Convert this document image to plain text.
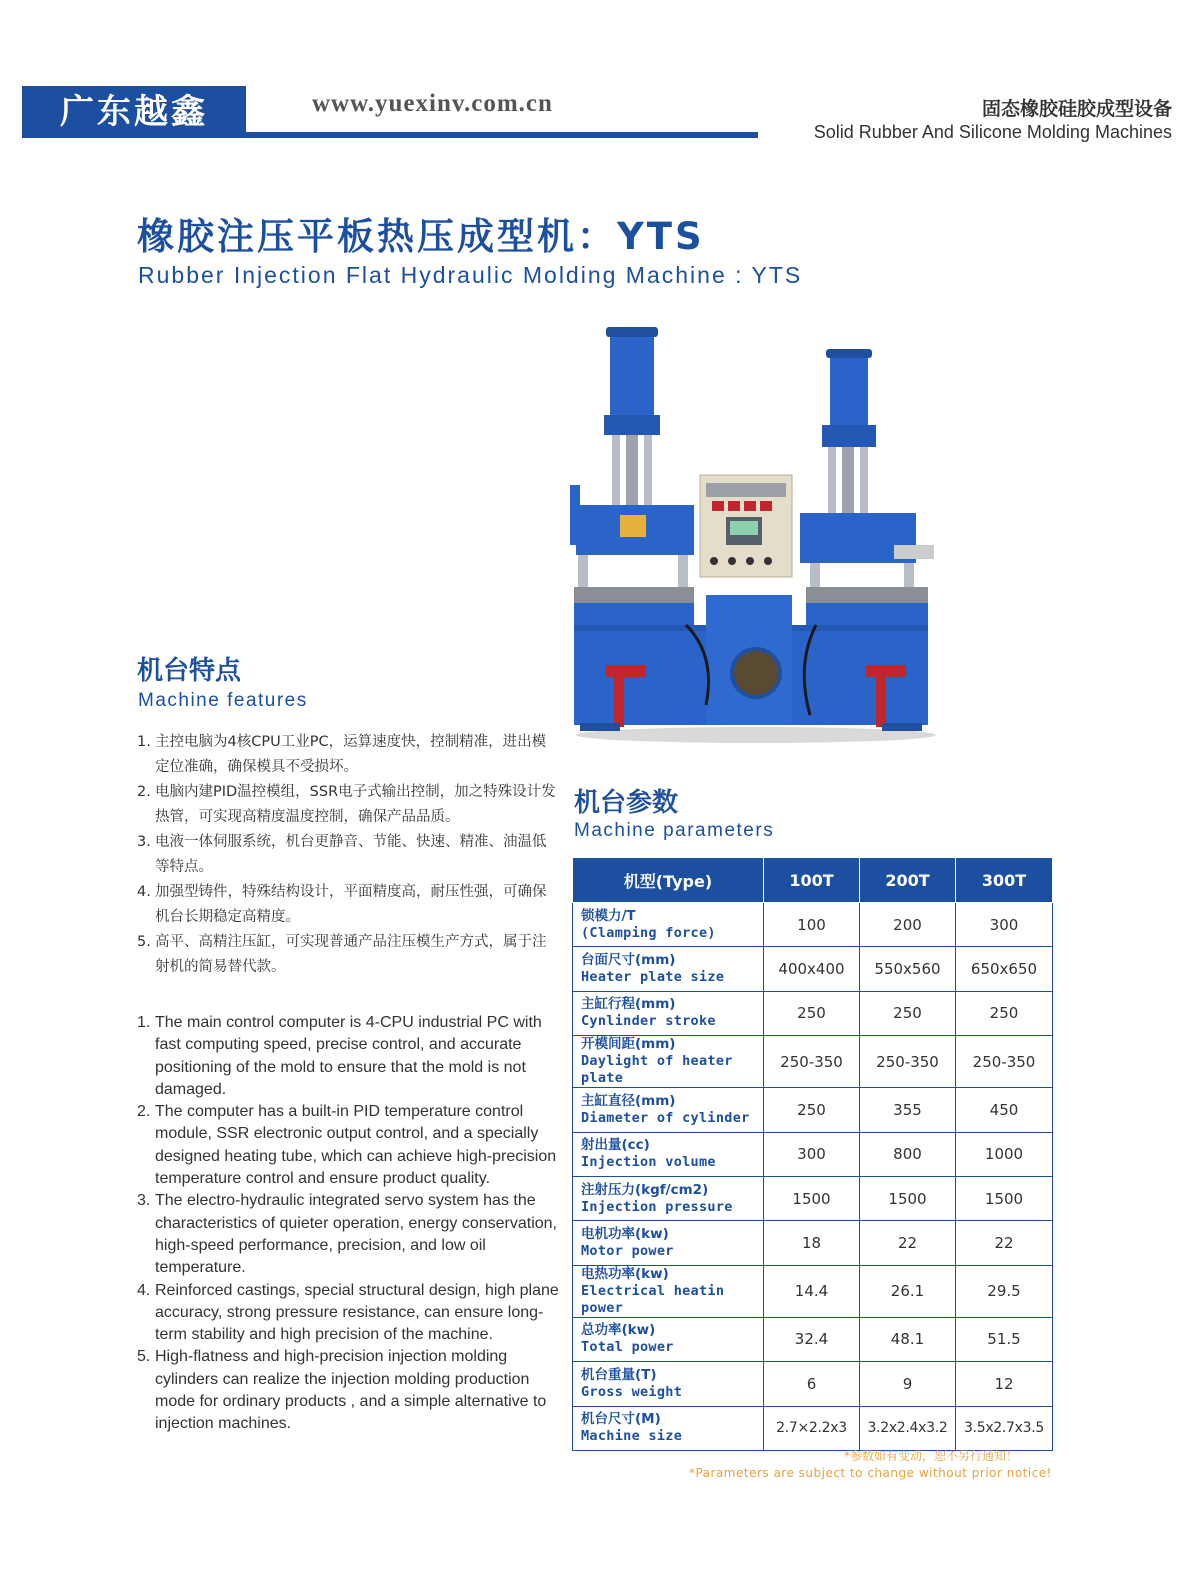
广东越鑫	www.yuexinv.com.cn	固态橡胶硅胶成型设备
Solid Rubber And Silicone Molding Machines
橡胶注压平板热压成型机：YTS
Rubber Injection Flat Hydraulic Molding Machine : YTS
机台特点
Machine features
1. 主控电脑为4核CPU工业PC，运算速度快，控制精准，进出模定位准确，确保模具不受损坏。
2. 电脑内建PID温控模组，SSR电子式输出控制，加之特殊设计发热管，可实现高精度温度控制，确保产品品质。
3. 电液一体伺服系统，机台更静音、节能、快速、精准、油温低等特点。
4. 加强型铸件，特殊结构设计，平面精度高，耐压性强，可确保机台长期稳定高精度。
5. 高平、高精注压缸，可实现普通产品注压模生产方式，属于注射机的简易替代款。
1. The main control computer is 4-CPU industrial PC with fast computing speed, precise control, and accurate positioning of the mold to ensure that the mold is not damaged.
2. The computer has a built-in PID temperature control module, SSR electronic output control, and a specially designed heating tube, which can achieve high-precision temperature control and ensure product quality.
3. The electro-hydraulic integrated servo system has the characteristics of quieter operation, energy conservation, high-speed performance, precision, and low oil temperature.
4. Reinforced castings, special structural design, high plane accuracy, strong pressure resistance, can ensure long-term stability and high precision of the machine.
5. High-flatness and high-precision injection molding cylinders can realize the injection molding production mode for ordinary products , and a simple alternative to injection machines.
机台参数
Machine parameters
机型(Type)	100T	200T	300T

锁模力/T
(Clamping force)	100	200	300

台面尺寸(mm)
Heater plate size	400x400	550x560	650x650

主缸行程(mm)
Cynlinder stroke	250	250	250

开模间距(mm)
Daylight of heater plate	250-350	250-350	250-350

主缸直径(mm)
Diameter of cylinder	250	355	450

射出量(cc)
Injection volume	300	800	1000

注射压力(kgf/cm2)
Injection pressure	1500	1500	1500

电机功率(kw)
Motor power	18	22	22

电热功率(kw)
Electrical heatin power	14.4	26.1	29.5

总功率(kw)
Total power	32.4	48.1	51.5

机台重量(T)
Gross weight	6	9	12

机台尺寸(M)
Machine size	2.7×2.2x3	3.2x2.4x3.2	3.5x2.7x3.5
*参数如有变动，恕不另行通知！
*Parameters are subject to change without prior notice!
